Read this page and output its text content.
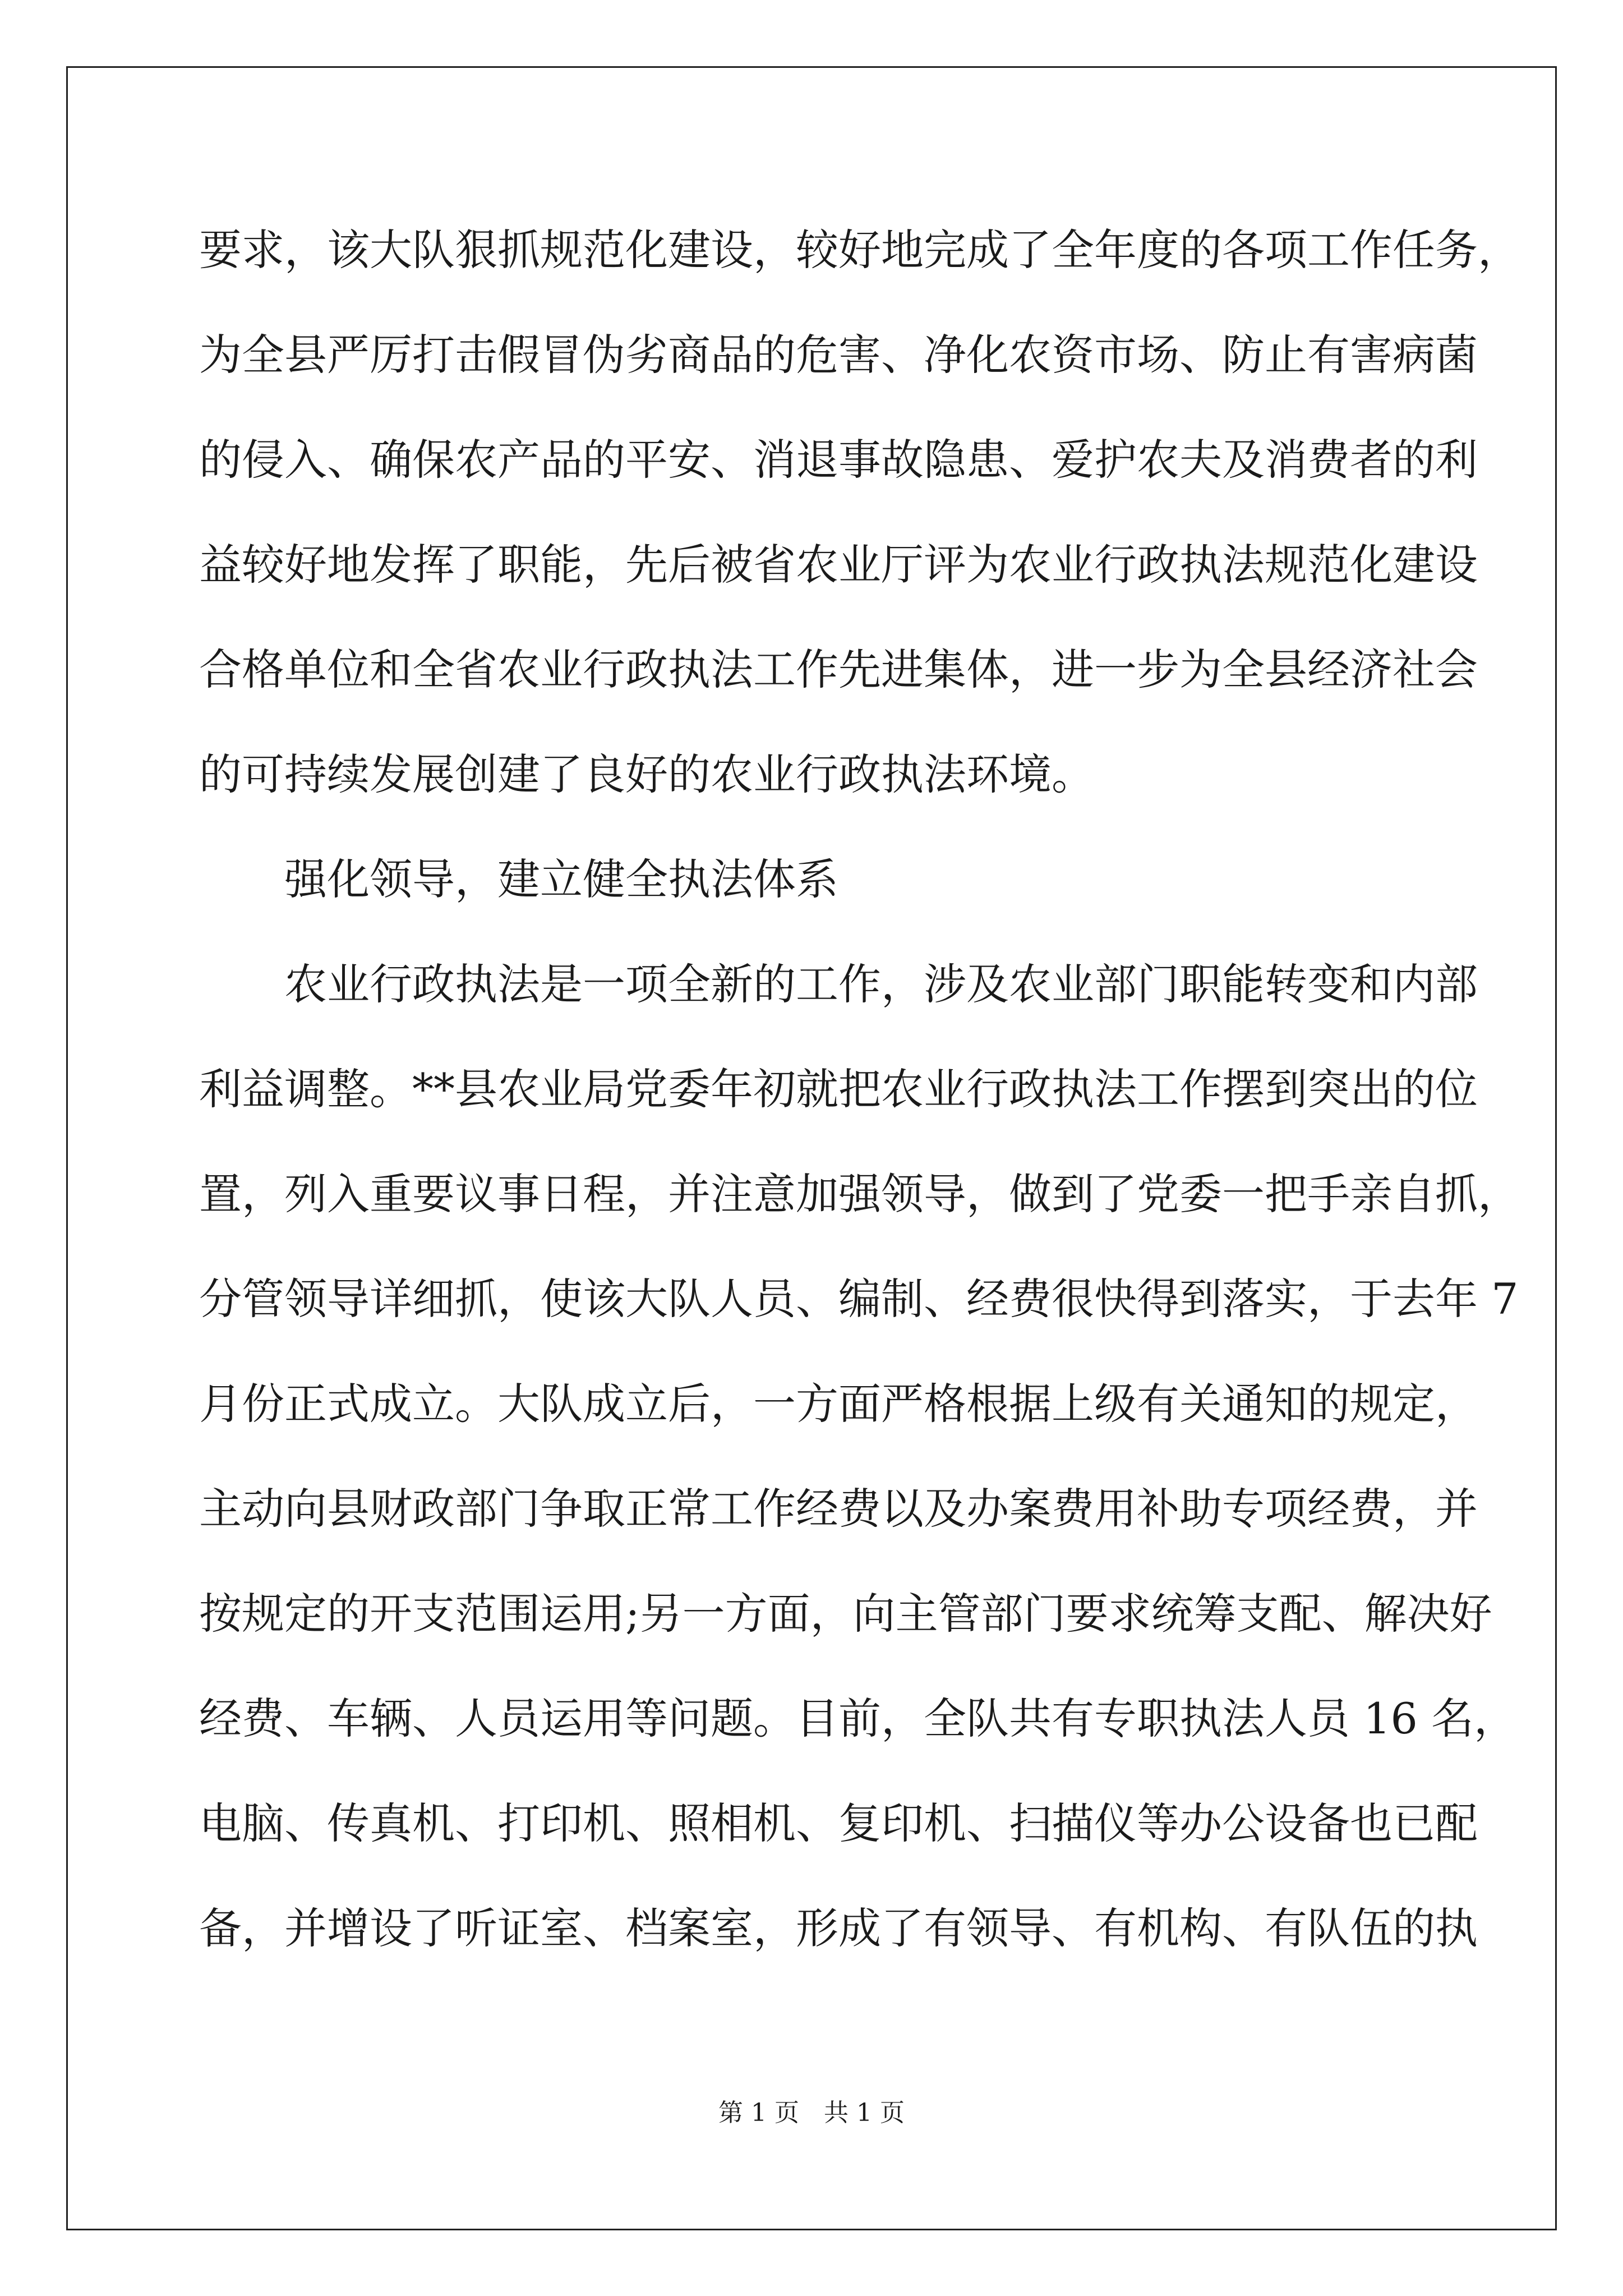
要求，该大队狠抓规范化建设，较好地完成了全年度的各项工作任务，
为全县严厉打击假冒伪劣商品的危害、净化农资市场、防止有害病菌
的侵入、确保农产品的平安、消退事故隐患、爱护农夫及消费者的利
益较好地发挥了职能，先后被省农业厅评为农业行政执法规范化建设
合格单位和全省农业行政执法工作先进集体，进一步为全县经济社会
的可持续发展创建了良好的农业行政执法环境。
强化领导，建立健全执法体系
农业行政执法是一项全新的工作，涉及农业部门职能转变和内部
利益调整。**县农业局党委年初就把农业行政执法工作摆到突出的位
置，列入重要议事日程，并注意加强领导，做到了党委一把手亲自抓，
分管领导详细抓，使该大队人员、编制、经费很快得到落实，于去年 7
月份正式成立。大队成立后，一方面严格根据上级有关通知的规定，
主动向县财政部门争取正常工作经费以及办案费用补助专项经费，并
按规定的开支范围运用;另一方面，向主管部门要求统筹支配、解决好
经费、车辆、人员运用等问题。目前，全队共有专职执法人员 16 名，
电脑、传真机、打印机、照相机、复印机、扫描仪等办公设备也已配
备，并增设了听证室、档案室，形成了有领导、有机构、有队伍的执
第 1 页　共 1 页
